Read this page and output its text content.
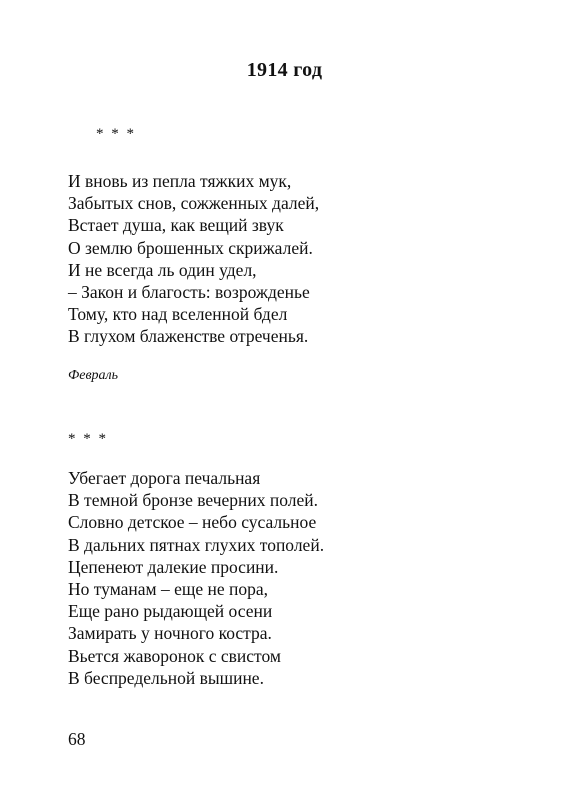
1914 год
* * *
И вновь из пепла тяжких мук,
Забытых снов, сожженных далей,
Встает душа, как вещий звук
О землю брошенных скрижалей.
И не всегда ль один удел,
– Закон и благость: возрожденье
Тому, кто над вселенной бдел
В глухом блаженстве отреченья.
Февраль
* * *
Убегает дорога печальная
В темной бронзе вечерних полей.
Словно детское – небо сусальное
В дальних пятнах глухих тополей.
Цепенеют далекие просини.
Но туманам – еще не пора,
Еще рано рыдающей осени
Замирать у ночного костра.
Вьется жаворонок с свистом
В беспредельной вышине.
68
